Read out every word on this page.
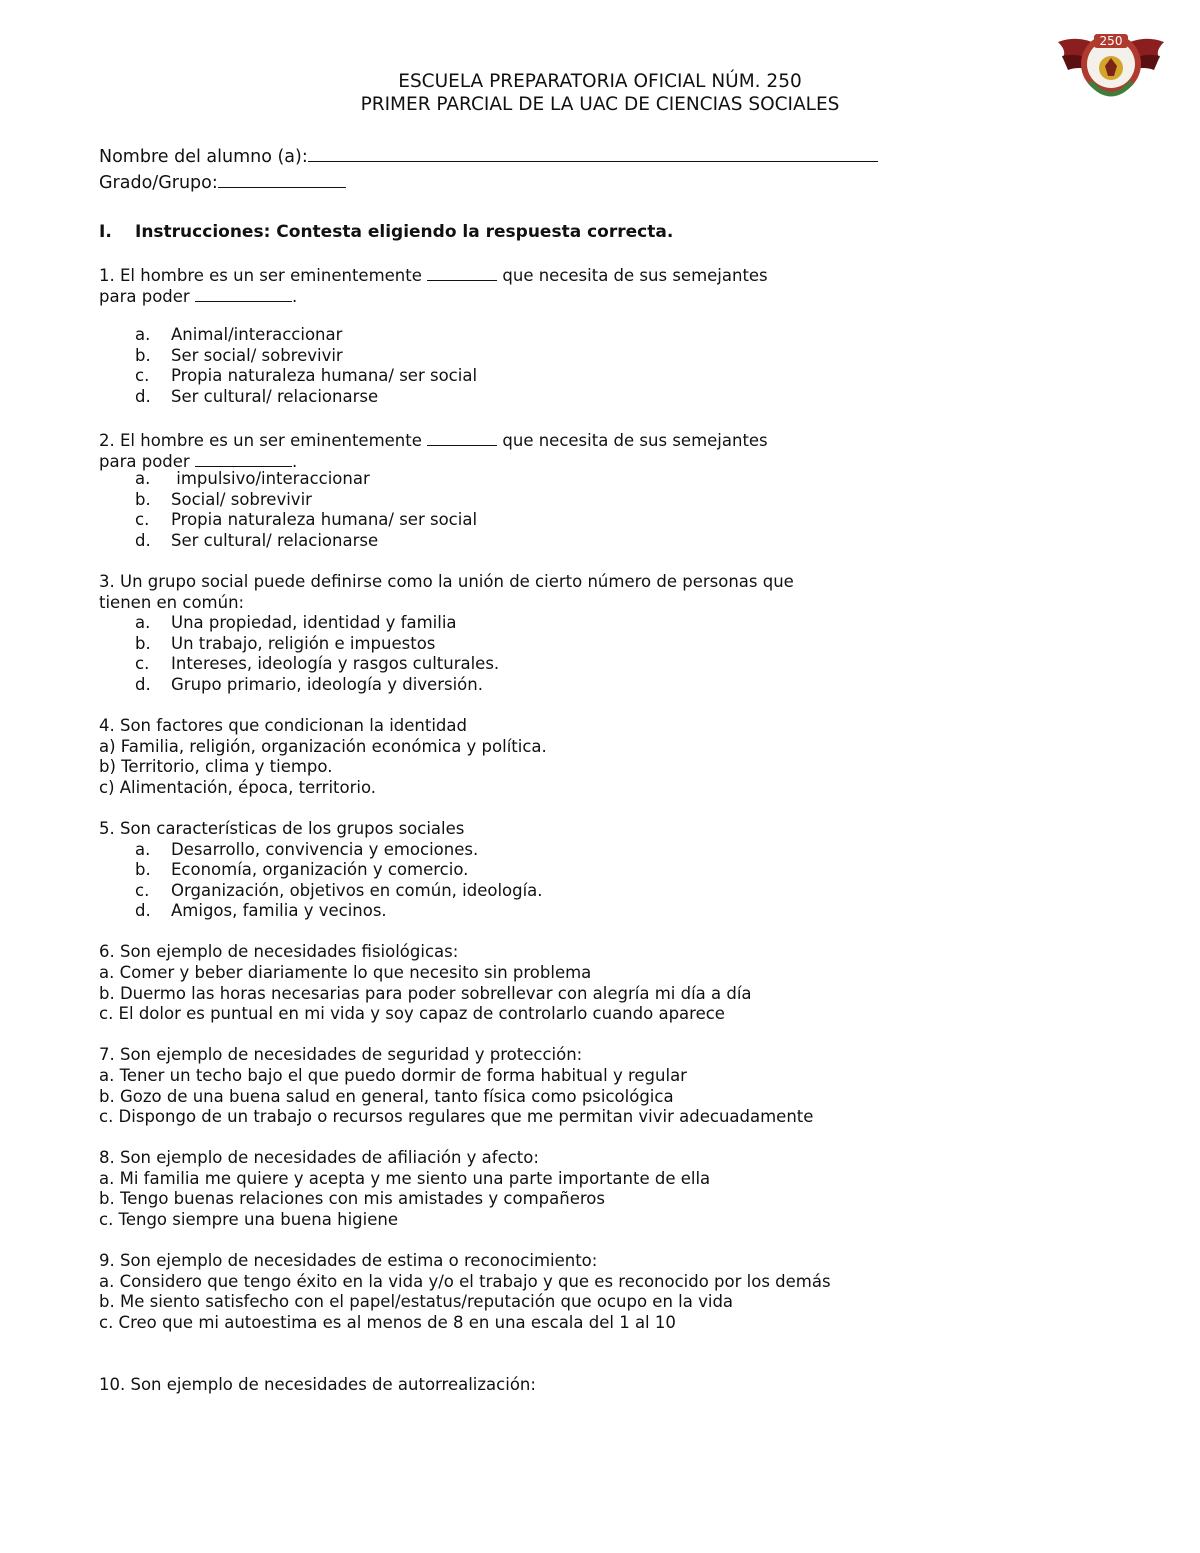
250
ESCUELA PREPARATORIA OFICIAL NÚM. 250
PRIMER PARCIAL DE LA UAC DE CIENCIAS SOCIALES
Nombre del alumno (a):
Grado/Grupo:
I. Instrucciones: Contesta eligiendo la respuesta correcta.
1. El hombre es un ser eminentemente	que necesita de sus semejantes
para poder	.
a. Animal/interaccionar
b. Ser social/ sobrevivir
c. Propia naturaleza humana/ ser social
d. Ser cultural/ relacionarse
2. El hombre es un ser eminentemente	que necesita de sus semejantes
para poder	.
a. impulsivo/interaccionar
b. Social/ sobrevivir
c. Propia naturaleza humana/ ser social
d. Ser cultural/ relacionarse
3. Un grupo social puede definirse como la unión de cierto número de personas que
tienen en común:
a. Una propiedad, identidad y familia
b. Un trabajo, religión e impuestos
c. Intereses, ideología y rasgos culturales.
d. Grupo primario, ideología y diversión.
4. Son factores que condicionan la identidad
a) Familia, religión, organización económica y política.
b) Territorio, clima y tiempo.
c) Alimentación, época, territorio.
5. Son características de los grupos sociales
a. Desarrollo, convivencia y emociones.
b. Economía, organización y comercio.
c. Organización, objetivos en común, ideología.
d. Amigos, familia y vecinos.
6. Son ejemplo de necesidades fisiológicas:
a. Comer y beber diariamente lo que necesito sin problema
b. Duermo las horas necesarias para poder sobrellevar con alegría mi día a día
c. El dolor es puntual en mi vida y soy capaz de controlarlo cuando aparece
7. Son ejemplo de necesidades de seguridad y protección:
a. Tener un techo bajo el que puedo dormir de forma habitual y regular
b. Gozo de una buena salud en general, tanto física como psicológica
c. Dispongo de un trabajo o recursos regulares que me permitan vivir adecuadamente
8. Son ejemplo de necesidades de afiliación y afecto:
a. Mi familia me quiere y acepta y me siento una parte importante de ella
b. Tengo buenas relaciones con mis amistades y compañeros
c. Tengo siempre una buena higiene
9. Son ejemplo de necesidades de estima o reconocimiento:
a. Considero que tengo éxito en la vida y/o el trabajo y que es reconocido por los demás
b. Me siento satisfecho con el papel/estatus/reputación que ocupo en la vida
c. Creo que mi autoestima es al menos de 8 en una escala del 1 al 10
10. Son ejemplo de necesidades de autorrealización:
